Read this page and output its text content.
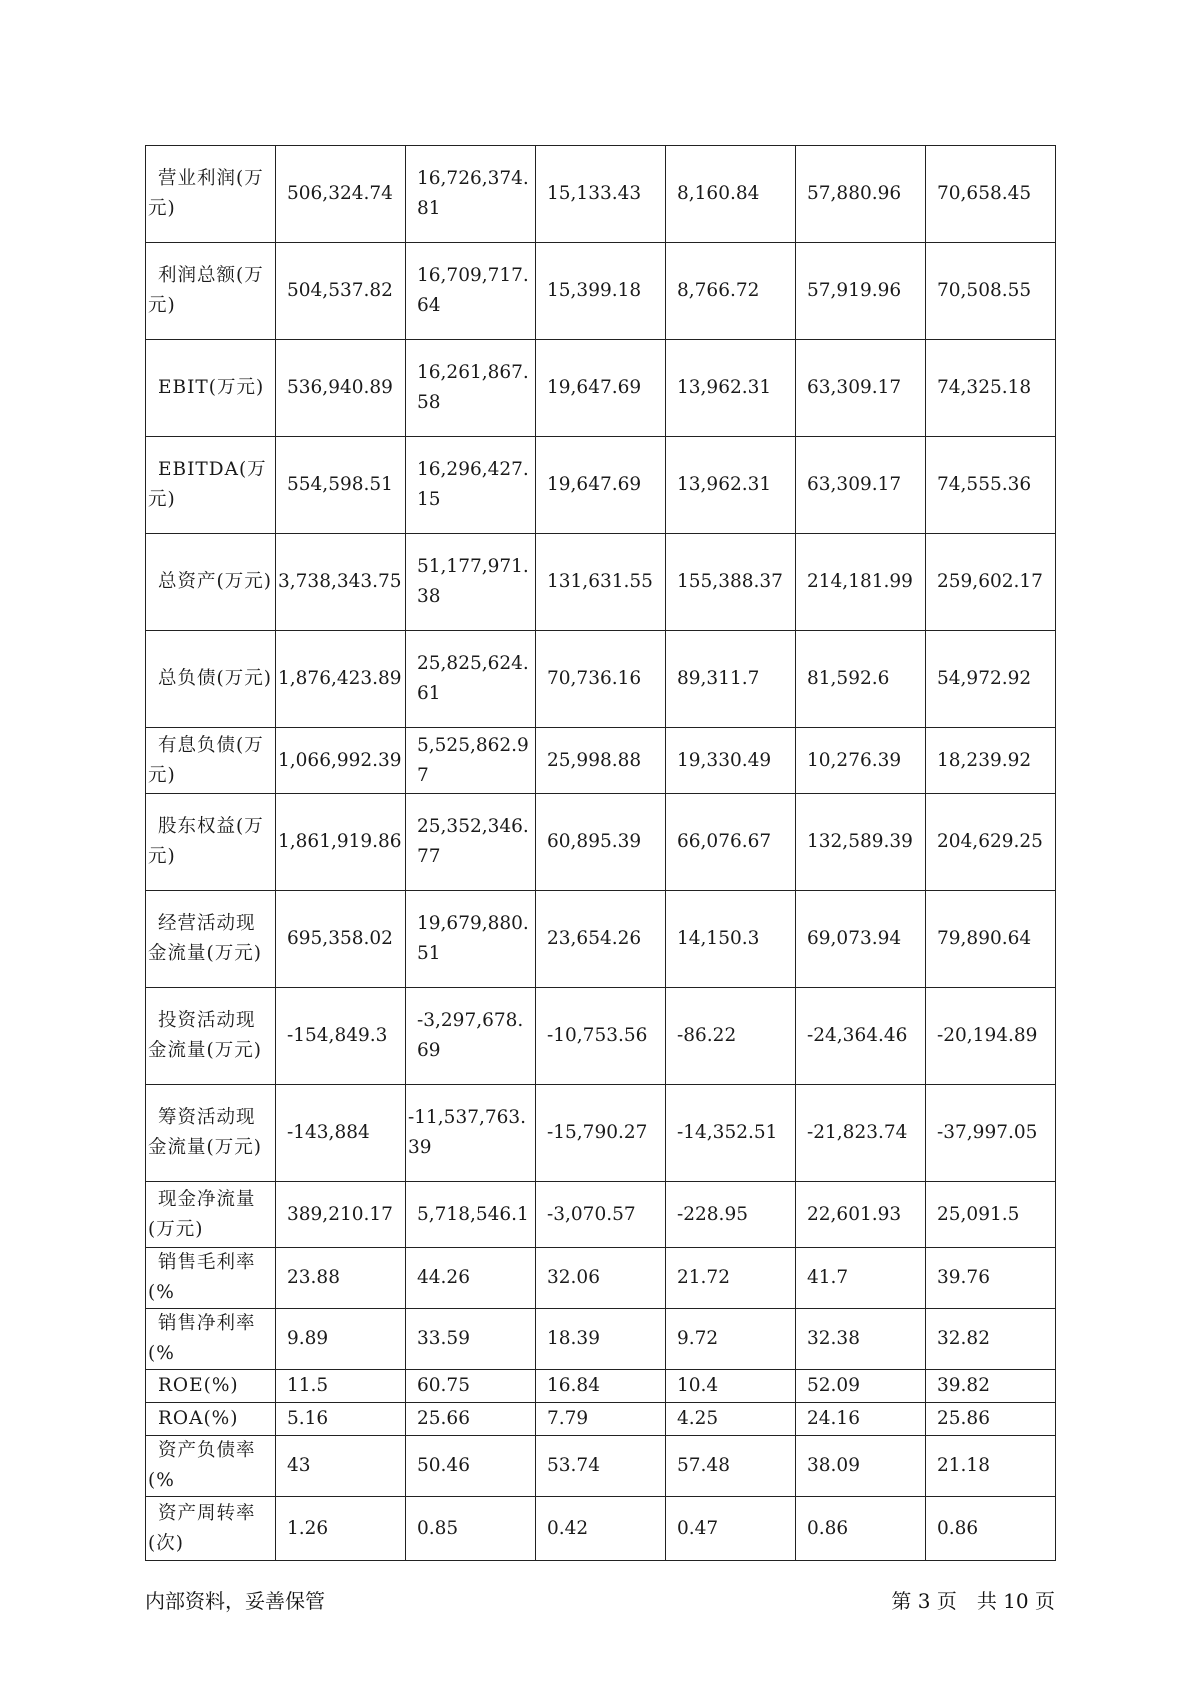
营业利润(万元)	506,324.74	16,726,374.81	15,133.43	8,160.84	57,880.96	70,658.45
利润总额(万元)	504,537.82	16,709,717.64	15,399.18	8,766.72	57,919.96	70,508.55
EBIT(万元)	536,940.89	16,261,867.58	19,647.69	13,962.31	63,309.17	74,325.18
EBITDA(万元)	554,598.51	16,296,427.15	19,647.69	13,962.31	63,309.17	74,555.36
总资产(万元)	3,738,343.75	51,177,971.38	131,631.55	155,388.37	214,181.99	259,602.17
总负债(万元)	1,876,423.89	25,825,624.61	70,736.16	89,311.7	81,592.6	54,972.92
有息负债(万元)	1,066,992.39	5,525,862.97	25,998.88	19,330.49	10,276.39	18,239.92
股东权益(万元)	1,861,919.86	25,352,346.77	60,895.39	66,076.67	132,589.39	204,629.25
经营活动现金流量(万元)	695,358.02	19,679,880.51	23,654.26	14,150.3	69,073.94	79,890.64
投资活动现金流量(万元)	-154,849.3	-3,297,678.69	-10,753.56	-86.22	-24,364.46	-20,194.89
筹资活动现金流量(万元)	-143,884	-11,537,763.39	-15,790.27	-14,352.51	-21,823.74	-37,997.05
现金净流量(万元)	389,210.17	5,718,546.1	-3,070.57	-228.95	22,601.93	25,091.5
销售毛利率(%	23.88	44.26	32.06	21.72	41.7	39.76
销售净利率(%	9.89	33.59	18.39	9.72	32.38	32.82
ROE(%)	11.5	60.75	16.84	10.4	52.09	39.82
ROA(%)	5.16	25.66	7.79	4.25	24.16	25.86
资产负债率(%	43	50.46	53.74	57.48	38.09	21.18
资产周转率(次)	1.26	0.85	0.42	0.47	0.86	0.86
内部资料，妥善保管	第 3 页　共 10 页
